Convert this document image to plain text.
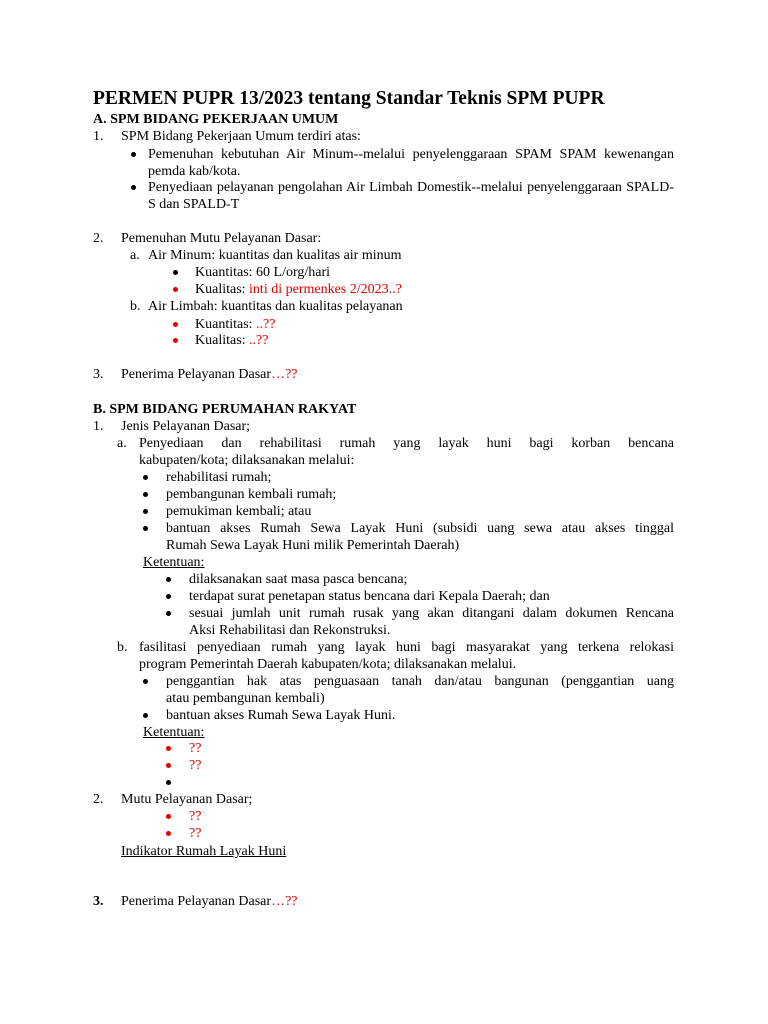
PERMEN PUPR 13/2023 tentang Standar Teknis SPM PUPR
A. SPM BIDANG PEKERJAAN UMUM
1. SPM Bidang Pekerjaan Umum terdiri atas:
Pemenuhan kebutuhan Air Minum--melalui penyelenggaraan SPAM SPAM kewenangan
pemda kab/kota.
Penyediaan pelayanan pengolahan Air Limbah Domestik--melalui penyelenggaraan SPALD-
S dan SPALD-T
2. Pemenuhan Mutu Pelayanan Dasar:
a. Air Minum: kuantitas dan kualitas air minum
Kuantitas: 60 L/org/hari
Kualitas: inti di permenkes 2/2023..?
b. Air Limbah: kuantitas dan kualitas pelayanan
Kuantitas: ..??
Kualitas: ..??
3. Penerima Pelayanan Dasar…??
B. SPM BIDANG PERUMAHAN RAKYAT
1. Jenis Pelayanan Dasar;
a. Penyediaan dan rehabilitasi rumah yang layak huni bagi korban bencana
kabupaten/kota; dilaksanakan melalui:
rehabilitasi rumah;
pembangunan kembali rumah;
pemukiman kembali; atau
bantuan akses Rumah Sewa Layak Huni (subsidi uang sewa atau akses tinggal
Rumah Sewa Layak Huni milik Pemerintah Daerah)
Ketentuan:
dilaksanakan saat masa pasca bencana;
terdapat surat penetapan status bencana dari Kepala Daerah; dan
sesuai jumlah unit rumah rusak yang akan ditangani dalam dokumen Rencana
Aksi Rehabilitasi dan Rekonstruksi.
b. fasilitasi penyediaan rumah yang layak huni bagi masyarakat yang terkena relokasi
program Pemerintah Daerah kabupaten/kota; dilaksanakan melalui.
penggantian hak atas penguasaan tanah dan/atau bangunan (penggantian uang
atau pembangunan kembali)
bantuan akses Rumah Sewa Layak Huni.
Ketentuan:
??
??
2. Mutu Pelayanan Dasar;
??
??
Indikator Rumah Layak Huni
3. Penerima Pelayanan Dasar…??
